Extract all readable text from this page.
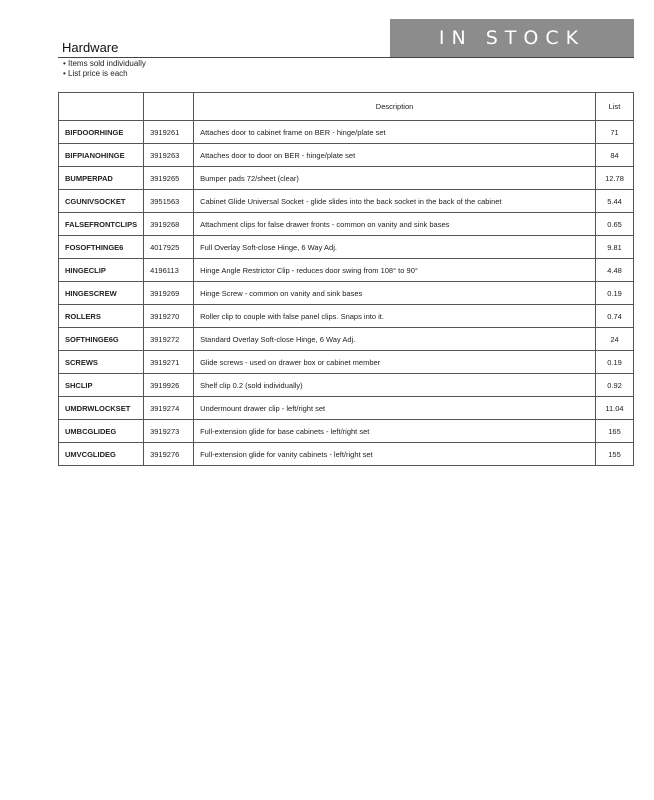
IN STOCK
Hardware
• Items sold individually
• List price is each
		Description	List
BIFDOORHINGE	3919261	Attaches door to cabinet frame on BER - hinge/plate set	71
BIFPIANOHINGE	3919263	Attaches door to door on BER - hinge/plate set	84
BUMPERPAD	3919265	Bumper pads 72/sheet (clear)	12.78
CGUNIVSOCKET	3951563	Cabinet Glide Universal Socket - glide slides into the back socket in the back of the cabinet	5.44
FALSEFRONTCLIPS	3919268	Attachment clips for false drawer fronts - common on vanity and sink bases	0.65
FOSOFTHINGE6	4017925	Full Overlay Soft-close Hinge, 6 Way Adj.	9.81
HINGECLIP	4196113	Hinge Angle Restrictor Clip - reduces door swing from 108° to 90°	4.48
HINGESCREW	3919269	Hinge Screw - common on vanity and sink bases	0.19
ROLLERS	3919270	Roller clip to couple with false panel clips. Snaps into it.	0.74
SOFTHINGE6G	3919272	Standard Overlay Soft-close Hinge, 6 Way Adj.	24
SCREWS	3919271	Glide screws - used on drawer box or cabinet member	0.19
SHCLIP	3919926	Shelf clip 0.2 (sold individually)	0.92
UMDRWLOCKSET	3919274	Undermount drawer clip - left/right set	11.04
UMBCGLIDEG	3919273	Full-extension glide for base cabinets - left/right set	165
UMVCGLIDEG	3919276	Full-extension glide for vanity cabinets - left/right set	155
